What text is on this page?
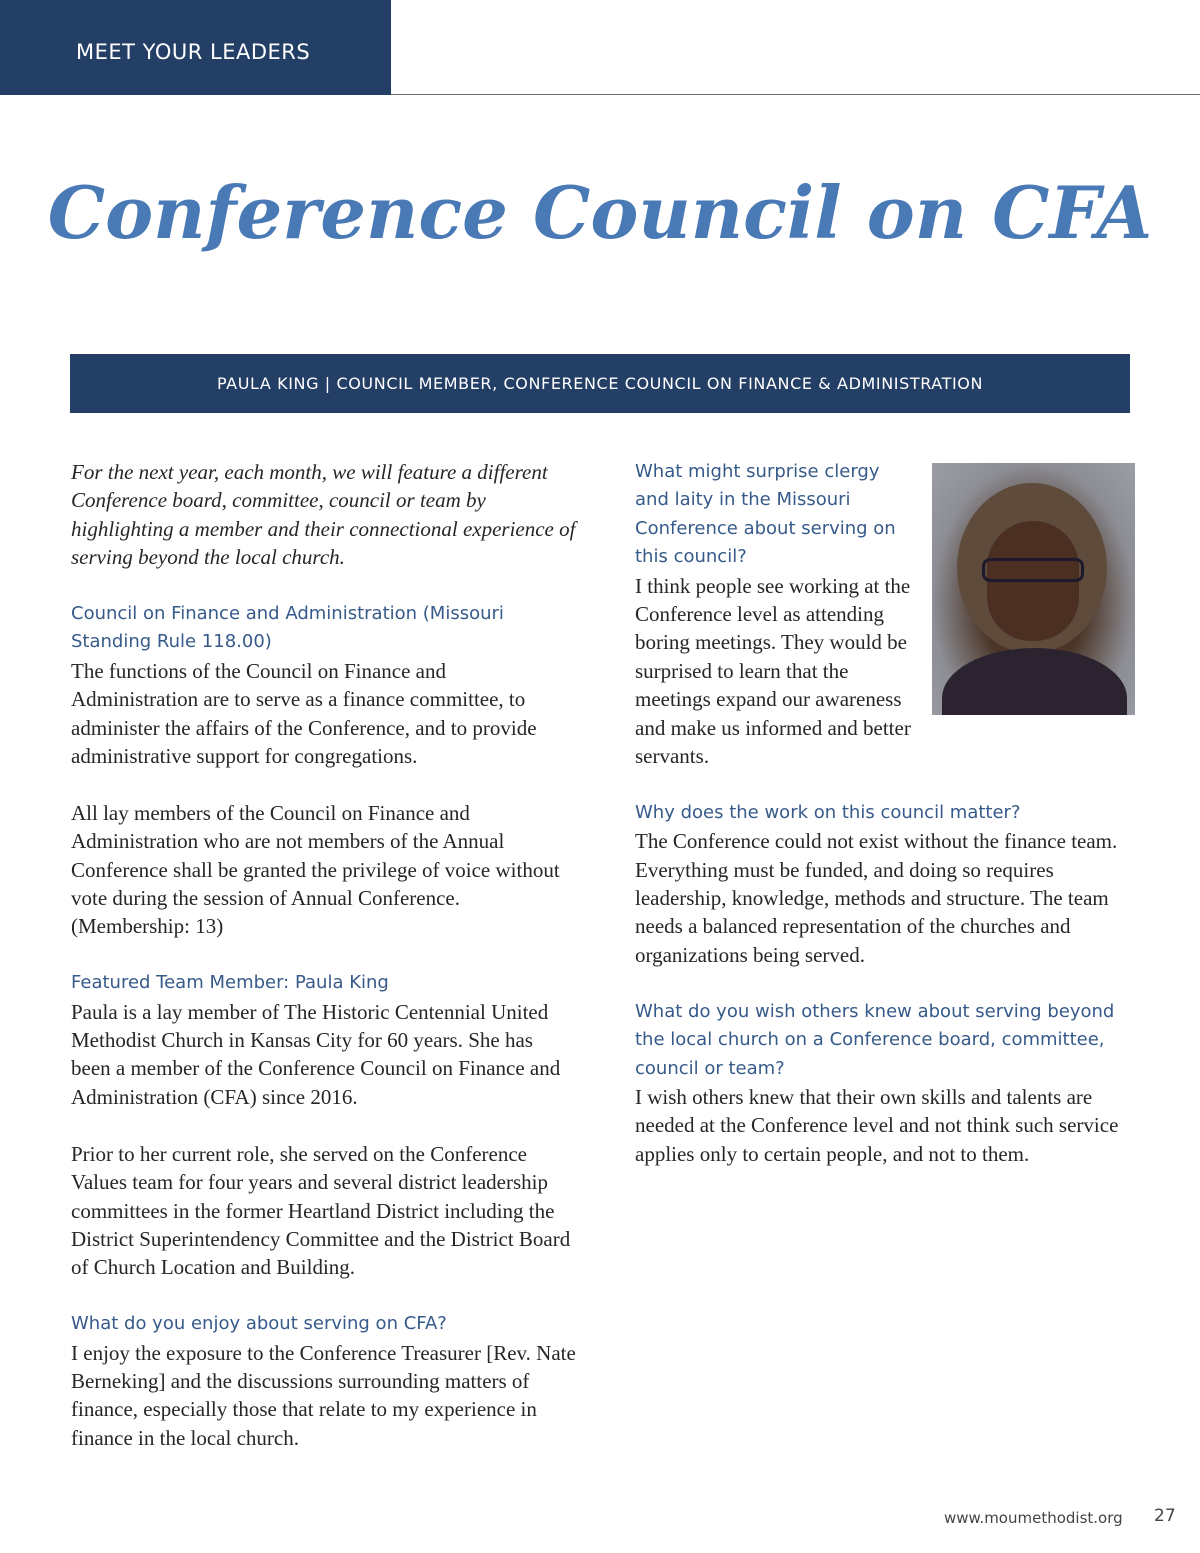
MEET YOUR LEADERS
Conference Council on CFA
PAULA KING | COUNCIL MEMBER, CONFERENCE COUNCIL ON FINANCE & ADMINISTRATION
For the next year, each month, we will feature a different Conference board, committee, council or team by highlighting a member and their connectional experience of serving beyond the local church.
Council on Finance and Administration (Missouri Standing Rule 118.00)

The functions of the Council on Finance and Administration are to serve as a finance committee, to administer the affairs of the Conference, and to provide administrative support for congregations.

All lay members of the Council on Finance and Administration who are not members of the Annual Conference shall be granted the privilege of voice without vote during the session of Annual Conference. (Membership: 13)

Featured Team Member: Paula King

Paula is a lay member of The Historic Centennial United Methodist Church in Kansas City for 60 years. She has been a member of the Conference Council on Finance and Administration (CFA) since 2016.

Prior to her current role, she served on the Conference Values team for four years and several district leadership committees in the former Heartland District including the District Superintendency Committee and the District Board of Church Location and Building.

What do you enjoy about serving on CFA?

I enjoy the exposure to the Conference Treasurer [Rev. Nate Berneking] and the discussions surrounding matters of finance, especially those that relate to my experience in finance in the local church.

What might surprise clergy and laity in the Missouri Conference about serving on this council?

I think people see working at the Conference level as attending boring meetings. They would be surprised to learn that the meetings expand our awareness and make us informed and better servants.

Why does the work on this council matter?

The Conference could not exist without the finance team. Everything must be funded, and doing so requires leadership, knowledge, methods and structure. The team needs a balanced representation of the churches and organizations being served.

What do you wish others knew about serving beyond the local church on a Conference board, committee, council or team?

I wish others knew that their own skills and talents are needed at the Conference level and not think such service applies only to certain people, and not to them.

www.moumethodist.org 27
